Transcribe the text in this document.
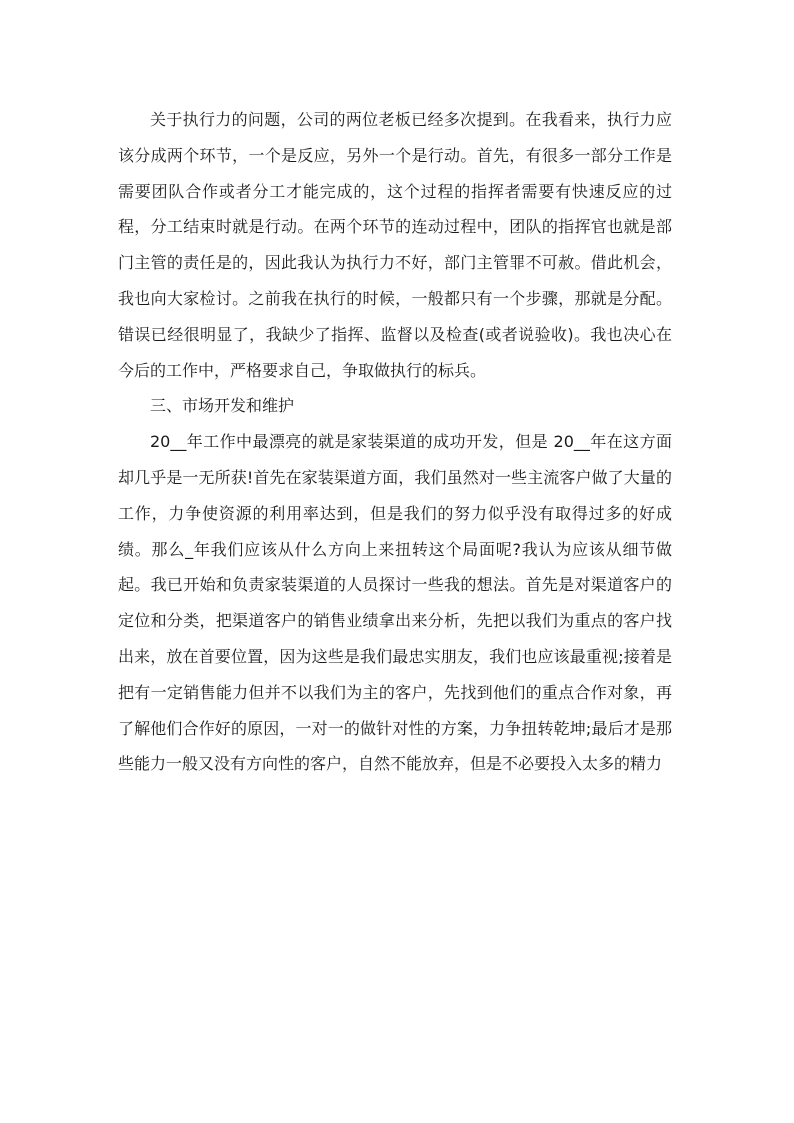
关于执行力的问题，公司的两位老板已经多次提到。在我看来，执行力应该分成两个环节，一个是反应，另外一个是行动。首先，有很多一部分工作是需要团队合作或者分工才能完成的，这个过程的指挥者需要有快速反应的过程，分工结束时就是行动。在两个环节的连动过程中，团队的指挥官也就是部门主管的责任是的，因此我认为执行力不好，部门主管罪不可赦。借此机会，我也向大家检讨。之前我在执行的时候，一般都只有一个步骤，那就是分配。错误已经很明显了，我缺少了指挥、监督以及检查(或者说验收)。我也决心在今后的工作中，严格要求自己，争取做执行的标兵。

三、市场开发和维护

20__年工作中最漂亮的就是家装渠道的成功开发，但是 20__年在这方面却几乎是一无所获!首先在家装渠道方面，我们虽然对一些主流客户做了大量的工作，力争使资源的利用率达到，但是我们的努力似乎没有取得过多的好成绩。那么_年我们应该从什么方向上来扭转这个局面呢?我认为应该从细节做起。我已开始和负责家装渠道的人员探讨一些我的想法。首先是对渠道客户的定位和分类，把渠道客户的销售业绩拿出来分析，先把以我们为重点的客户找出来，放在首要位置，因为这些是我们最忠实朋友，我们也应该最重视;接着是把有一定销售能力但并不以我们为主的客户，先找到他们的重点合作对象，再了解他们合作好的原因，一对一的做针对性的方案，力争扭转乾坤;最后才是那些能力一般又没有方向性的客户，自然不能放弃，但是不必要投入太多的精力
